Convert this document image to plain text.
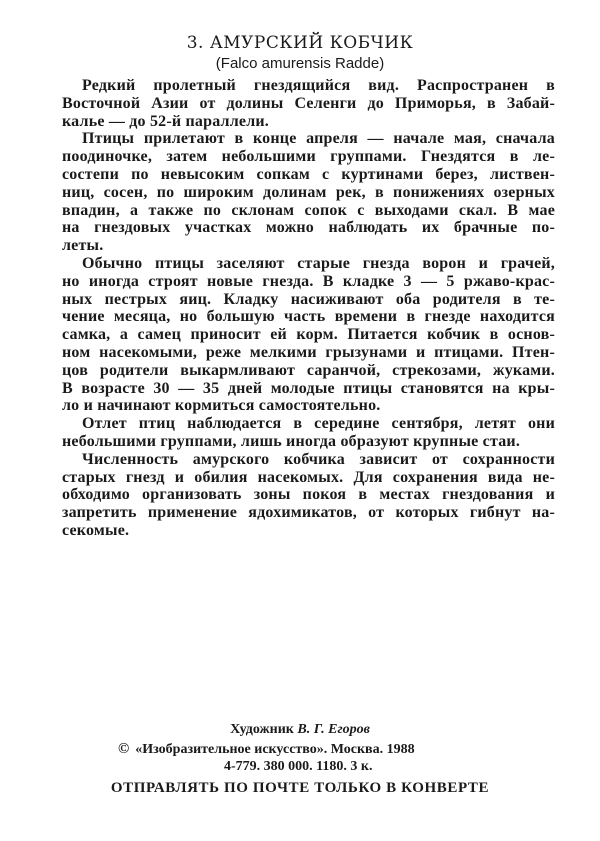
3. АМУРСКИЙ КОБЧИК
(Falco amurensis Radde)
Редкий пролетный гнездящийся вид. Распространен в
Восточной Азии от долины Селенги до Приморья, в Забай-
калье — до 52-й параллели.
Птицы прилетают в конце апреля — начале мая, сначала
поодиночке, затем небольшими группами. Гнездятся в ле-
состепи по невысоким сопкам с куртинами берез, листвен-
ниц, сосен, по широким долинам рек, в понижениях озерных
впадин, а также по склонам сопок с выходами скал. В мае
на гнездовых участках можно наблюдать их брачные по-
леты.
Обычно птицы заселяют старые гнезда ворон и грачей,
но иногда строят новые гнезда. В кладке 3 — 5 ржаво-крас-
ных пестрых яиц. Кладку насиживают оба родителя в те-
чение месяца, но большую часть времени в гнезде находится
самка, а самец приносит ей корм. Питается кобчик в основ-
ном насекомыми, реже мелкими грызунами и птицами. Птен-
цов родители выкармливают саранчой, стрекозами, жуками.
В возрасте 30 — 35 дней молодые птицы становятся на кры-
ло и начинают кормиться самостоятельно.
Отлет птиц наблюдается в середине сентября, летят они
небольшими группами, лишь иногда образуют крупные стаи.
Численность амурского кобчика зависит от сохранности
старых гнезд и обилия насекомых. Для сохранения вида не-
обходимо организовать зоны покоя в местах гнездования и
запретить применение ядохимикатов, от которых гибнут на-
секомые.
Художник В. Г. Егоров
© «Изобразительное искусство». Москва. 1988
4-779. 380 000. 1180. 3 к.
ОТПРАВЛЯТЬ ПО ПОЧТЕ ТОЛЬКО В КОНВЕРТЕ
